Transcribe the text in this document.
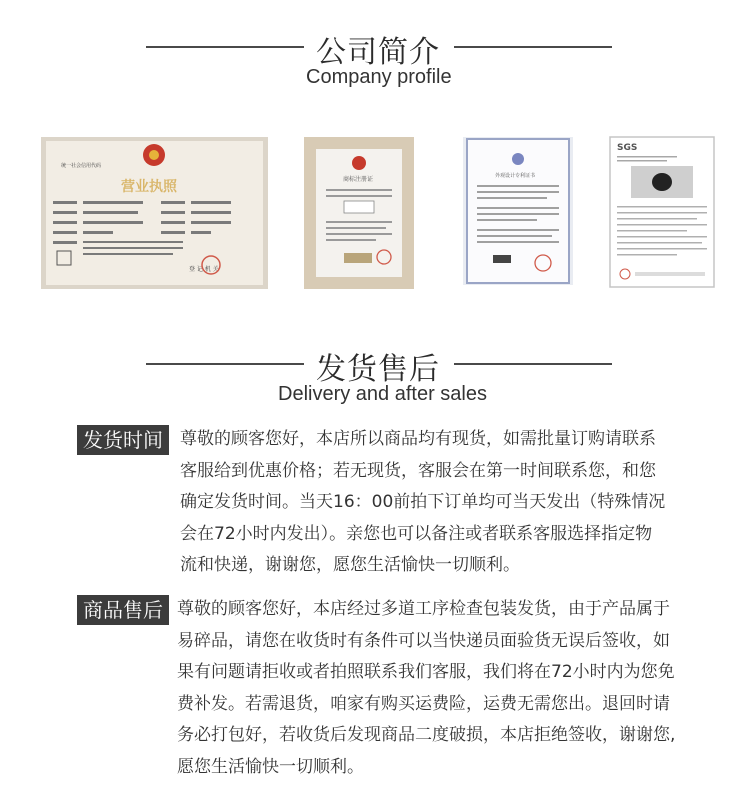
公司简介
Company profile
统一社会信用代码
营业执照
登 记 机 关
商标注册证	外观设计专利证书
SGS
发货售后
Delivery and after sales
发货时间	尊敬的顾客您好，本店所以商品均有现货，如需批量订购请联系
客服给到优惠价格；若无现货，客服会在第一时间联系您，和您
确定发货时间。当天16：00前拍下订单均可当天发出（特殊情况
会在72小时内发出）。亲您也可以备注或者联系客服选择指定物
流和快递，谢谢您，愿您生活愉快一切顺利。
商品售后 尊敬的顾客您好，本店经过多道工序检查包装发货，由于产品属于
易碎品，请您在收货时有条件可以当快递员面验货无误后签收，如
果有问题请拒收或者拍照联系我们客服，我们将在72小时内为您免
费补发。若需退货，咱家有购买运费险，运费无需您出。退回时请
务必打包好，若收货后发现商品二度破损，本店拒绝签收，谢谢您,
愿您生活愉快一切顺利。
